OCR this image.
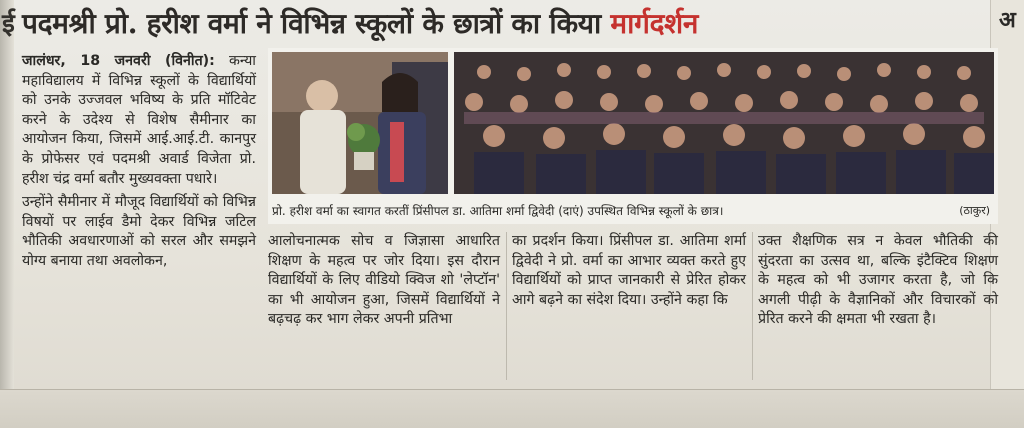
ई पदमश्री प्रो. हरीश वर्मा ने विभिन्न स्कूलों के छात्रों का किया मार्गदर्शन	अ

जालंधर, 18 जनवरी (विनीत): कन्या महाविद्यालय में विभिन्न स्कूलों के विद्यार्थियों को उनके उज्जवल भविष्य के प्रति मॉटिवेट करने के उदेश्य से विशेष सैमीनार का आयोजन किया, जिसमें आई.आई.टी. कानपुर के प्रोफेसर एवं पदमश्री अवार्ड विजेता प्रो. हरीश चंद्र वर्मा बतौर मुख्यवक्ता पधारे।

उन्होंने सैमीनार में मौजूद विद्यार्थियों को विभिन्न विषयों पर लाईव डैमो देकर विभिन्न जटिल भौतिकी अवधारणाओं को सरल और समझने योग्य बनाया तथा अवलोकन,

प्रो. हरीश वर्मा का स्वागत करतीं प्रिंसीपल डा. आतिमा शर्मा द्विवेदी (दाएं) उपस्थित विभिन्न स्कूलों के छात्र।	(ठाकुर)
आलोचनात्मक सोच व जिज्ञासा आधारित शिक्षण के महत्व पर जोर दिया। इस दौरान विद्यार्थियों के लिए वीडियो क्विज शो 'लेप्टॉन' का भी आयोजन हुआ, जिसमें विद्यार्थियों ने बढ़चढ़ कर भाग लेकर अपनी प्रतिभा
का प्रदर्शन किया। प्रिंसीपल डा. आतिमा शर्मा द्विवेदी ने प्रो. वर्मा का आभार व्यक्त करते हुए विद्यार्थियों को प्राप्त जानकारी से प्रेरित होकर आगे बढ़ने का संदेश दिया। उन्होंने कहा कि
उक्त शैक्षणिक सत्र न केवल भौतिकी की सुंदरता का उत्सव था, बल्कि इंटैक्टिव शिक्षण के महत्व को भी उजागर करता है, जो कि अगली पीढ़ी के वैज्ञानिकों और विचारकों को प्रेरित करने की क्षमता भी रखता है।
